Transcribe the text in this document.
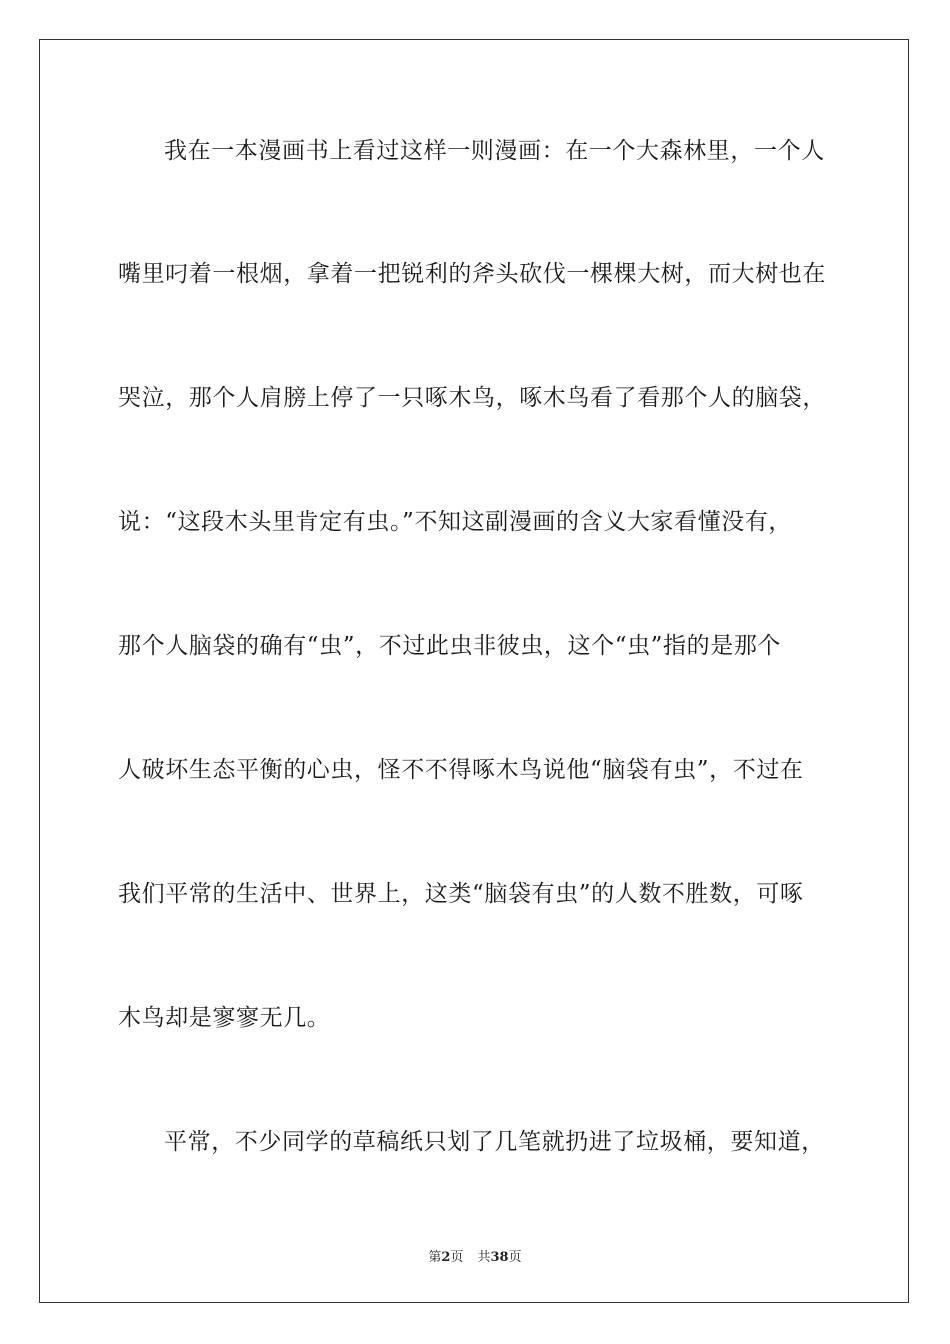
我在一本漫画书上看过这样一则漫画：在一个大森林里，一个人
嘴里叼着一根烟，拿着一把锐利的斧头砍伐一棵棵大树，而大树也在
哭泣，那个人肩膀上停了一只啄木鸟，啄木鸟看了看那个人的脑袋，
说：“这段木头里肯定有虫。”不知这副漫画的含义大家看懂没有，
那个人脑袋的确有“虫”，不过此虫非彼虫，这个“虫”指的是那个
人破坏生态平衡的心虫，怪不不得啄木鸟说他“脑袋有虫”，不过在
我们平常的生活中、世界上，这类“脑袋有虫”的人数不胜数，可啄
木鸟却是寥寥无几。
平常，不少同学的草稿纸只划了几笔就扔进了垃圾桶，要知道，
第2页 共38页
